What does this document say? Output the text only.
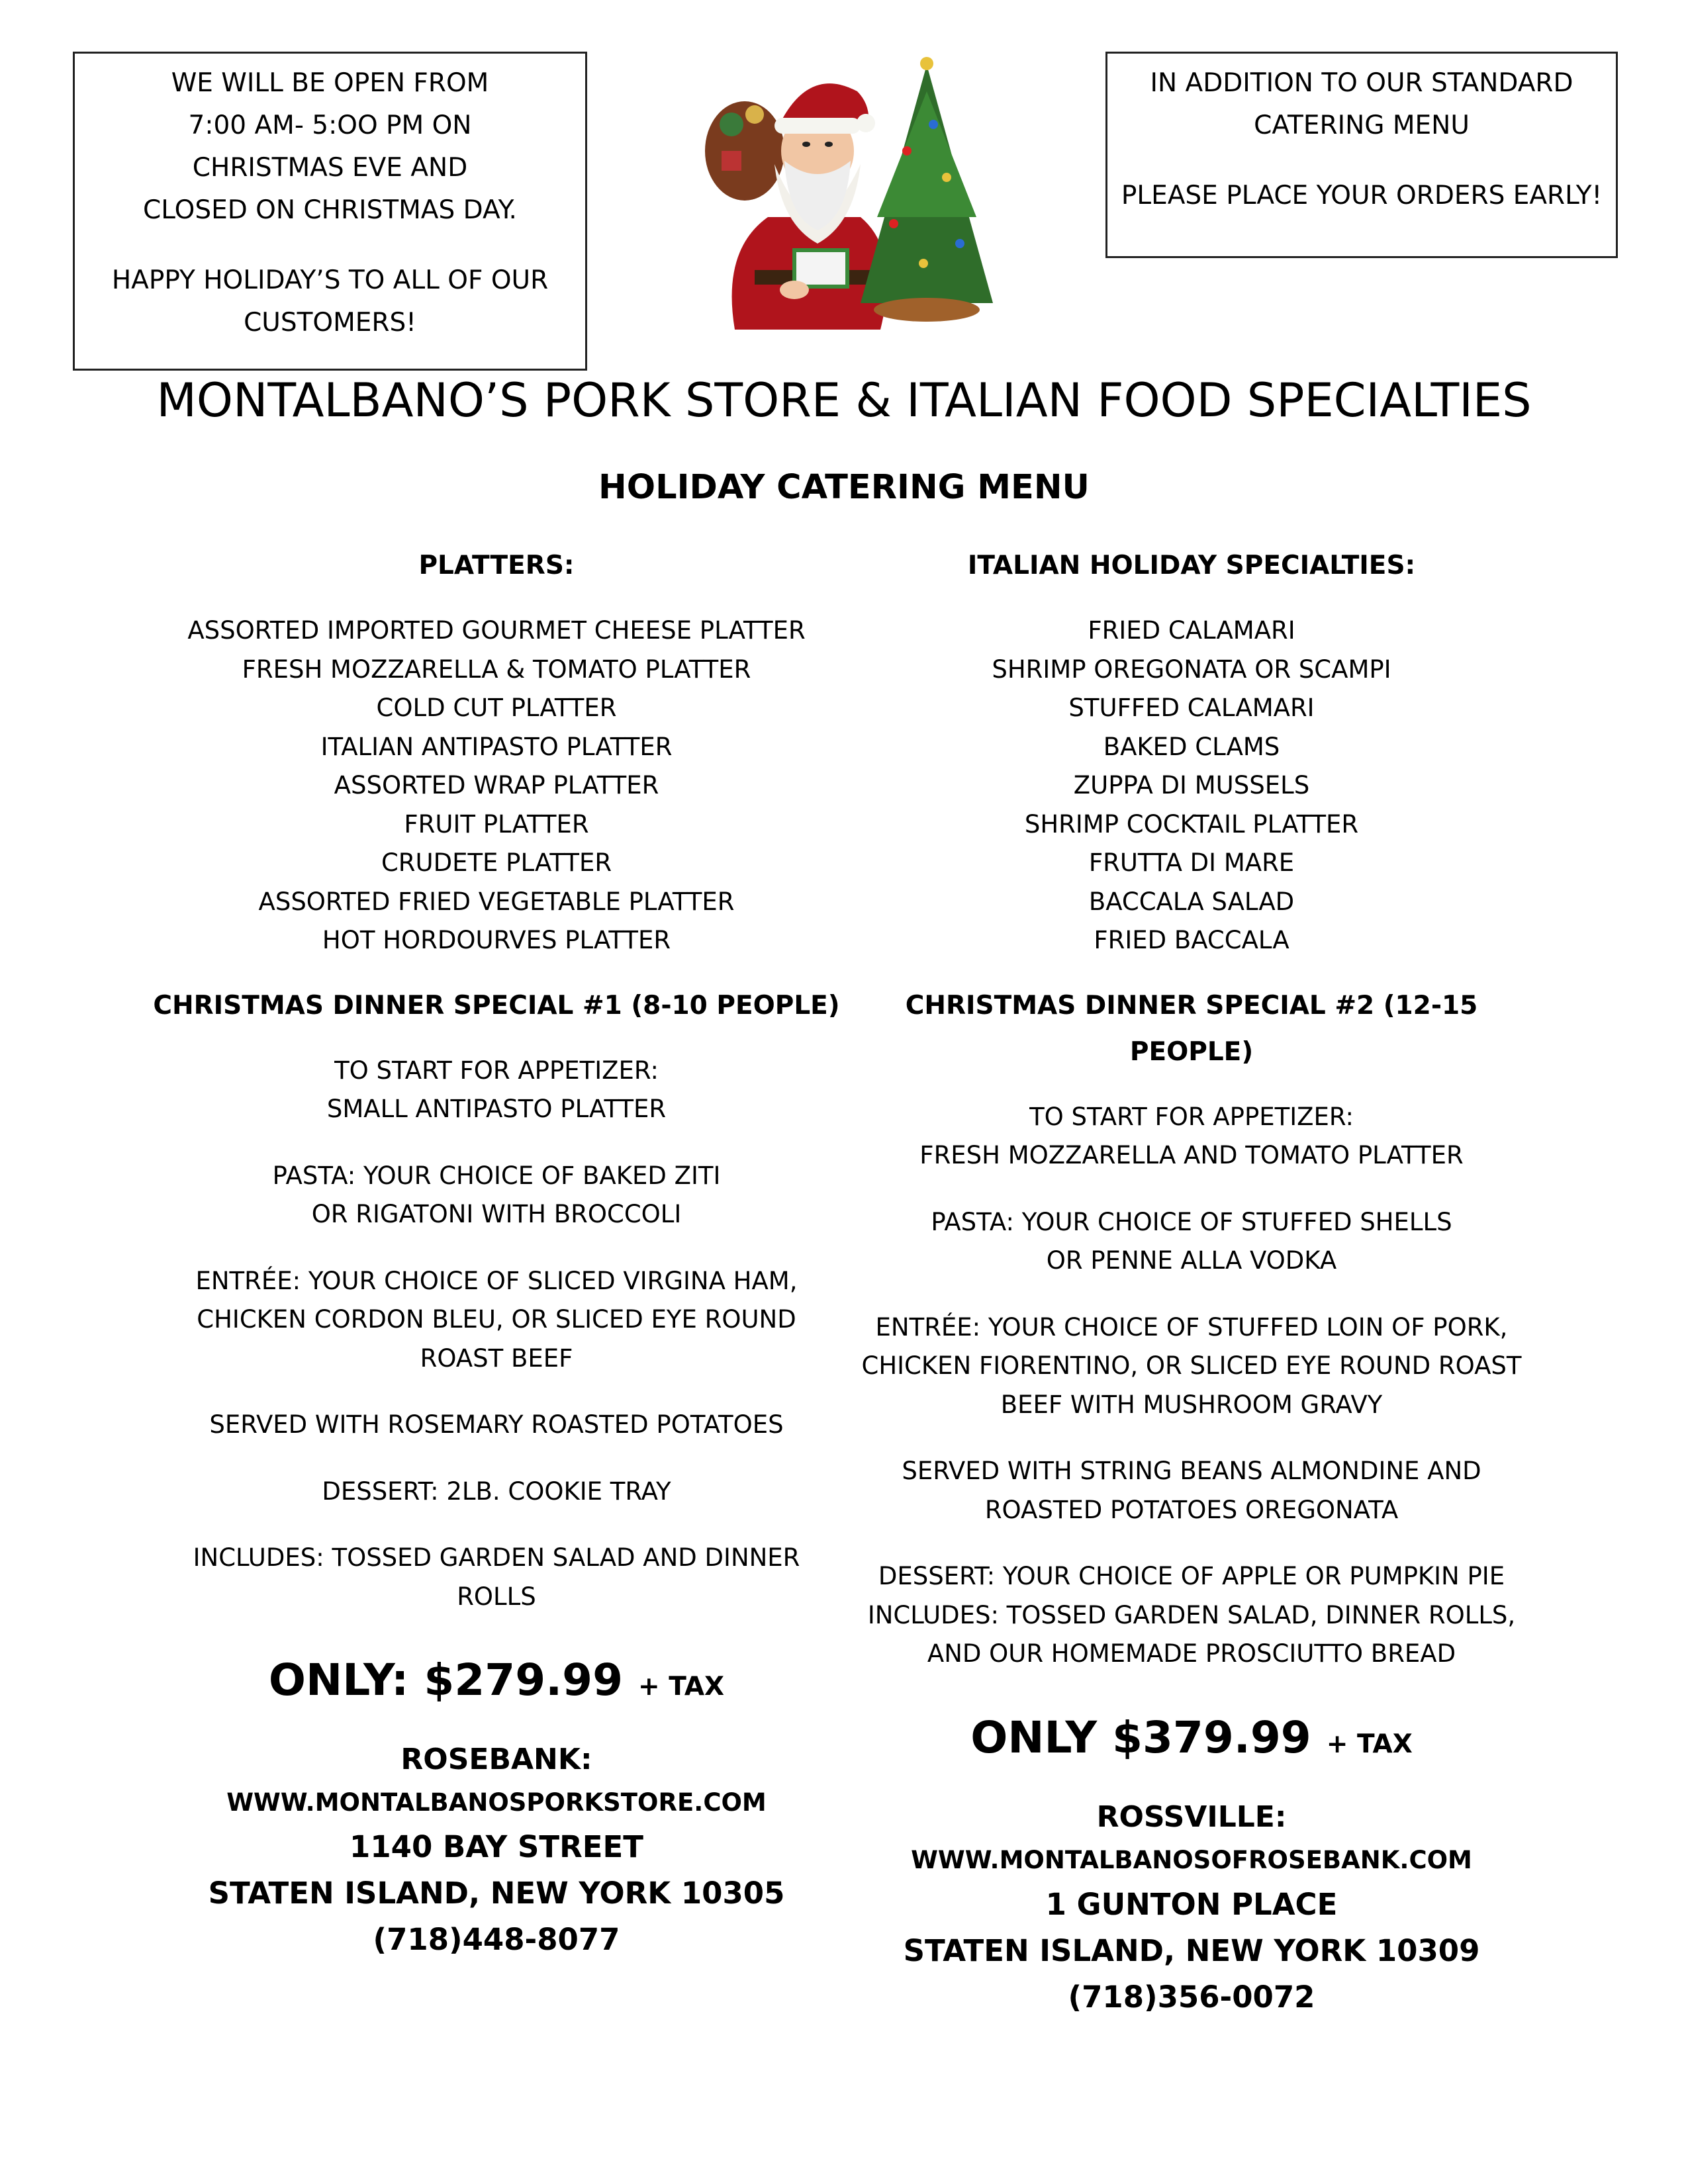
WE WILL BE OPEN FROM

7:00 AM- 5:OO PM ON

CHRISTMAS EVE AND

CLOSED ON CHRISTMAS DAY.

HAPPY HOLIDAY’S TO ALL OF OUR

CUSTOMERS!

IN ADDITION TO OUR STANDARD

CATERING MENU

PLEASE PLACE YOUR ORDERS EARLY!

MONTALBANO’S PORK STORE & ITALIAN FOOD SPECIALTIES
HOLIDAY CATERING MENU

PLATTERS:

ASSORTED IMPORTED GOURMET CHEESE PLATTER

FRESH MOZZARELLA & TOMATO PLATTER

COLD CUT PLATTER

ITALIAN ANTIPASTO PLATTER

ASSORTED WRAP PLATTER

FRUIT PLATTER

CRUDETE PLATTER

ASSORTED FRIED VEGETABLE PLATTER

HOT HORDOURVES PLATTER

CHRISTMAS DINNER SPECIAL #1 (8-10 PEOPLE)

TO START FOR APPETIZER:

SMALL ANTIPASTO PLATTER

PASTA: YOUR CHOICE OF BAKED ZITI

OR RIGATONI WITH BROCCOLI

ENTRÉE: YOUR CHOICE OF SLICED VIRGINA HAM,

CHICKEN CORDON BLEU, OR SLICED EYE ROUND

ROAST BEEF

SERVED WITH ROSEMARY ROASTED POTATOES

DESSERT: 2LB. COOKIE TRAY

INCLUDES: TOSSED GARDEN SALAD AND DINNER

ROLLS

ONLY: $279.99 + TAX

ROSEBANK:

WWW.MONTALBANOSPORKSTORE.COM

1140 BAY STREET

STATEN ISLAND, NEW YORK 10305

(718)448-8077

ITALIAN HOLIDAY SPECIALTIES:

FRIED CALAMARI

SHRIMP OREGONATA OR SCAMPI

STUFFED CALAMARI

BAKED CLAMS

ZUPPA DI MUSSELS

SHRIMP COCKTAIL PLATTER

FRUTTA DI MARE

BACCALA SALAD

FRIED BACCALA

CHRISTMAS DINNER SPECIAL #2 (12-15 PEOPLE)

TO START FOR APPETIZER:

FRESH MOZZARELLA AND TOMATO PLATTER

PASTA: YOUR CHOICE OF STUFFED SHELLS

OR PENNE ALLA VODKA

ENTRÉE: YOUR CHOICE OF STUFFED LOIN OF PORK,

CHICKEN FIORENTINO, OR SLICED EYE ROUND ROAST

BEEF WITH MUSHROOM GRAVY

SERVED WITH STRING BEANS ALMONDINE AND

ROASTED POTATOES OREGONATA

DESSERT: YOUR CHOICE OF APPLE OR PUMPKIN PIE

INCLUDES: TOSSED GARDEN SALAD, DINNER ROLLS,

AND OUR HOMEMADE PROSCIUTTO BREAD

ONLY $379.99 + TAX

ROSSVILLE:

WWW.MONTALBANOSOFROSEBANK.COM

1 GUNTON PLACE

STATEN ISLAND, NEW YORK 10309

(718)356-0072
